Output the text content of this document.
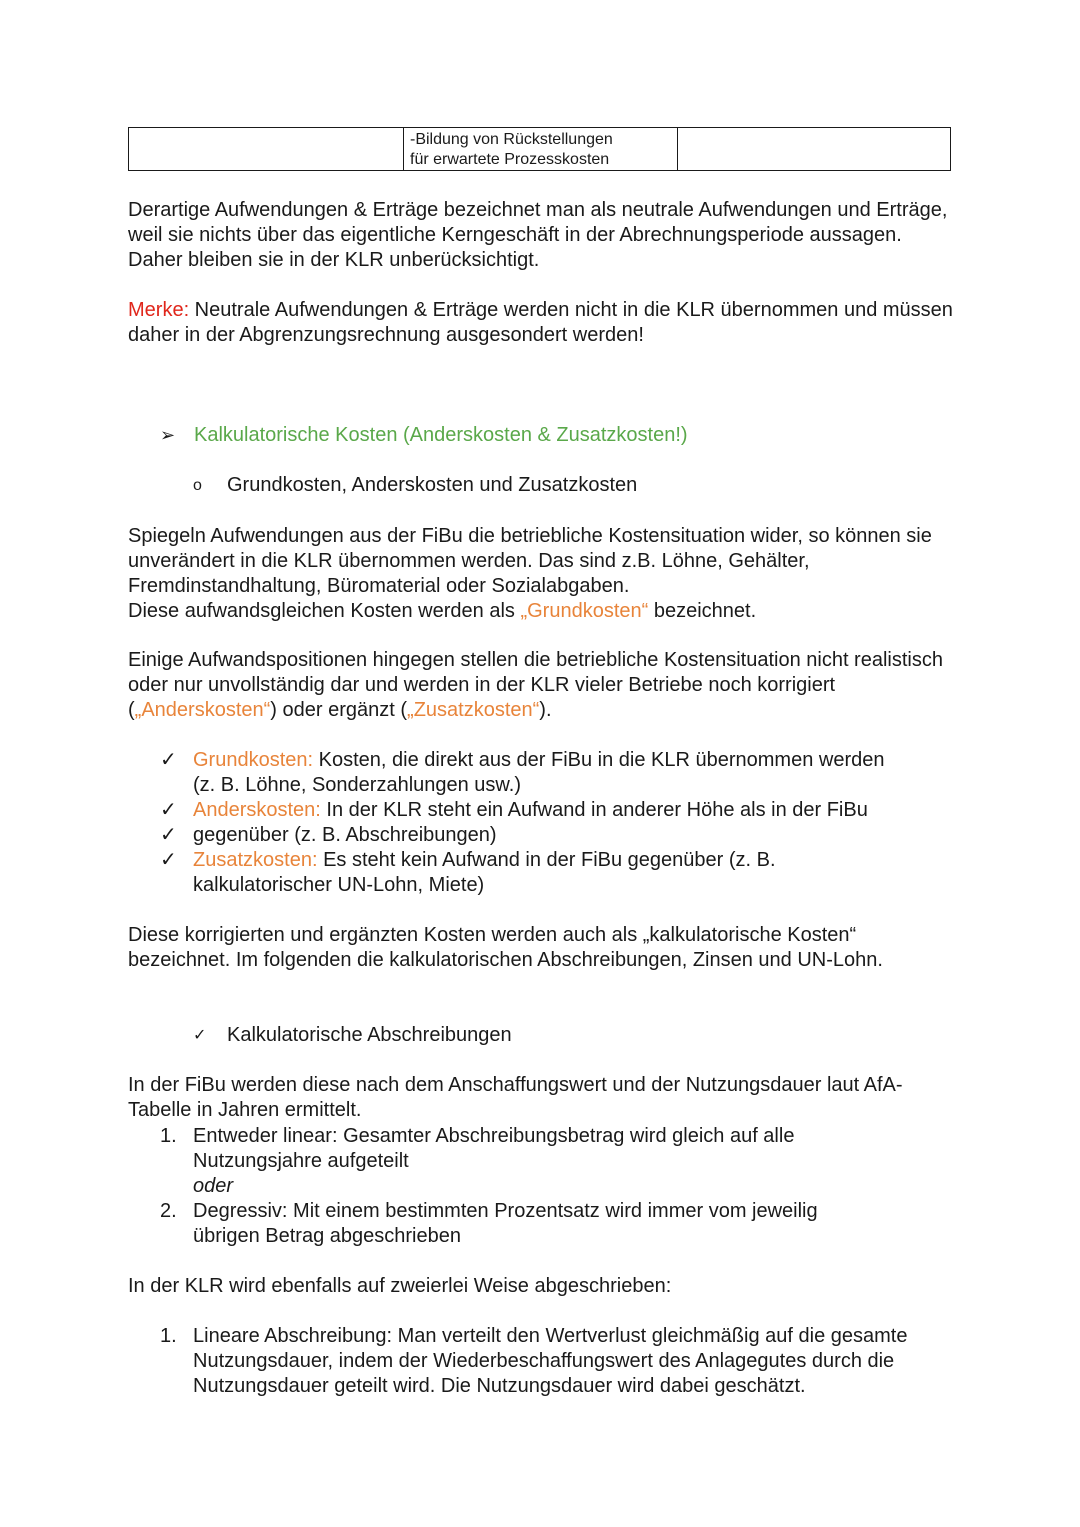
-Bildung von Rückstellungen
für erwartete Prozesskosten

Derartige Aufwendungen & Erträge bezeichnet man als neutrale Aufwendungen und Erträge, weil sie nichts über das eigentliche Kerngeschäft in der Abrechnungsperiode aussagen. Daher bleiben sie in der KLR unberücksichtigt.

Merke: Neutrale Aufwendungen & Erträge werden nicht in die KLR übernommen und müssen daher in der Abgrenzungsrechnung ausgesondert werden!

➢ Kalkulatorische Kosten (Anderskosten & Zusatzkosten!)
o	Grundkosten, Anderskosten und Zusatzkosten
Spiegeln Aufwendungen aus der FiBu die betriebliche Kostensituation wider, so können sie unverändert in die KLR übernommen werden. Das sind z.B. Löhne, Gehälter, Fremdinstandhaltung, Büromaterial oder Sozialabgaben.
Diese aufwandsgleichen Kosten werden als „Grundkosten“ bezeichnet.

Einige Aufwandspositionen hingegen stellen die betriebliche Kostensituation nicht realistisch oder nur unvollständig dar und werden in der KLR vieler Betriebe noch korrigiert („Anderskosten“) oder ergänzt („Zusatzkosten“).

✓ Grundkosten: Kosten, die direkt aus der FiBu in die KLR übernommen werden
(z. B. Löhne, Sonderzahlungen usw.)
✓ Anderskosten: In der KLR steht ein Aufwand in anderer Höhe als in der FiBu
✓ gegenüber (z. B. Abschreibungen)
✓ Zusatzkosten: Es steht kein Aufwand in der FiBu gegenüber (z. B.
kalkulatorischer UN-Lohn, Miete)

Diese korrigierten und ergänzten Kosten werden auch als „kalkulatorische Kosten“ bezeichnet. Im folgenden die kalkulatorischen Abschreibungen, Zinsen und UN-Lohn.

✓	Kalkulatorische Abschreibungen

In der FiBu werden diese nach dem Anschaffungswert und der Nutzungsdauer laut AfA-Tabelle in Jahren ermittelt.

1. Entweder linear: Gesamter Abschreibungsbetrag wird gleich auf alle
Nutzungsjahre aufgeteilt
oder
2. Degressiv: Mit einem bestimmten Prozentsatz wird immer vom jeweilig
übrigen Betrag abgeschrieben

In der KLR wird ebenfalls auf zweierlei Weise abgeschrieben:

1. Lineare Abschreibung: Man verteilt den Wertverlust gleichmäßig auf die gesamte Nutzungsdauer, indem der Wiederbeschaffungswert des Anlagegutes durch die Nutzungsdauer geteilt wird. Die Nutzungsdauer wird dabei geschätzt.
